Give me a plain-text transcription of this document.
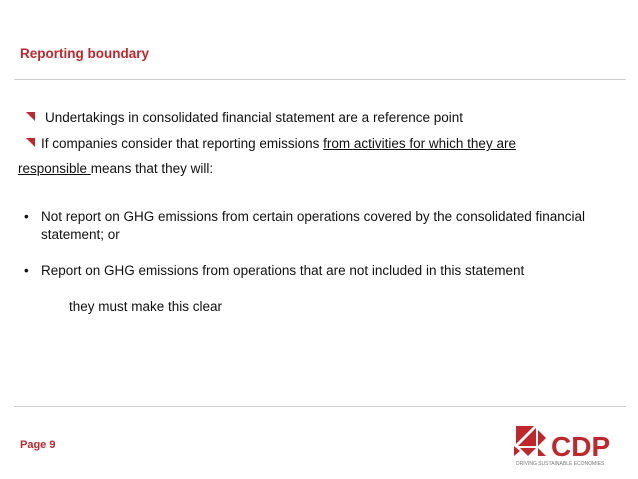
Reporting boundary
Undertakings in consolidated financial statement are a reference point
If companies consider that reporting emissions from activities for which they are
responsible means that they will:
• Not report on GHG emissions from certain operations covered by the consolidated financial statement; or
• Report on GHG emissions from operations that are not included in this statement
they must make this clear
Page 9	CDP
DRIVING SUSTAINABLE ECONOMIES
